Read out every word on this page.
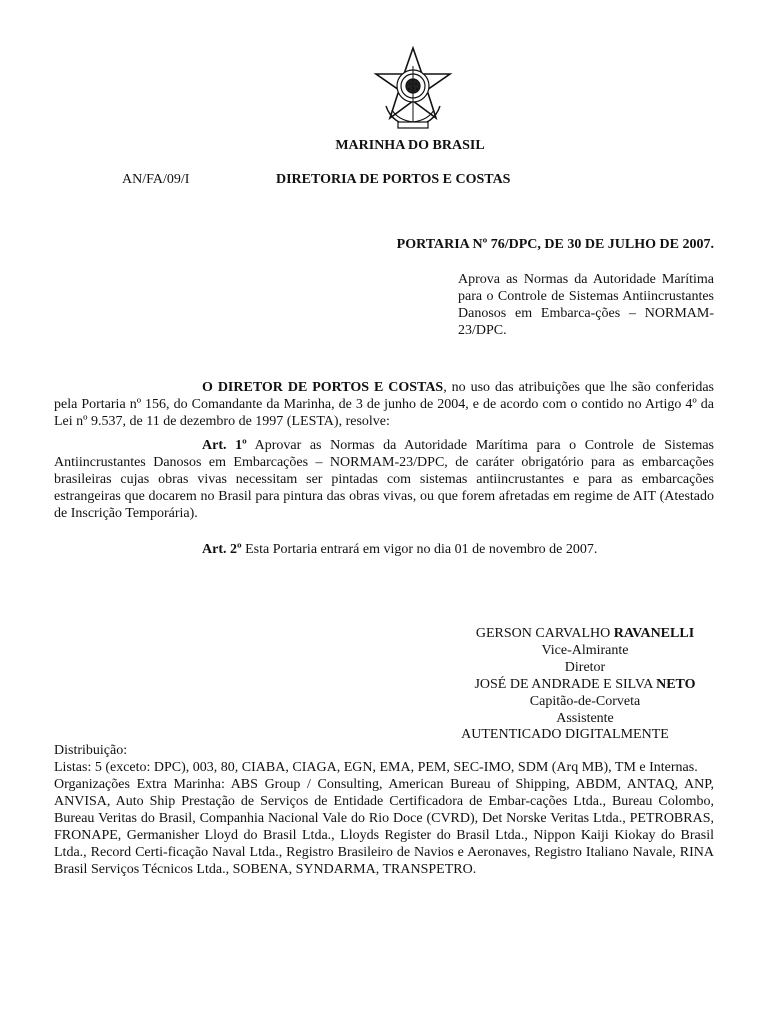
MARINHA DO BRASIL
AN/FA/09/I	DIRETORIA DE PORTOS E COSTAS
PORTARIA Nº 76/DPC, DE 30 DE JULHO DE 2007.
Aprova as Normas da Autoridade Marítima para o Controle de Sistemas Antiincrustantes Danosos em Embarca-ções – NORMAM-23/DPC.
O DIRETOR DE PORTOS E COSTAS, no uso das atribuições que lhe são conferidas pela Portaria nº 156, do Comandante da Marinha, de 3 de junho de 2004, e de acordo com o contido no Artigo 4º da Lei nº 9.537, de 11 de dezembro de 1997 (LESTA), resolve:
Art. 1º Aprovar as Normas da Autoridade Marítima para o Controle de Sistemas Antiincrustantes Danosos em Embarcações – NORMAM-23/DPC, de caráter obrigatório para as embarcações brasileiras cujas obras vivas necessitam ser pintadas com sistemas antiincrustantes e para as embarcações estrangeiras que docarem no Brasil para pintura das obras vivas, ou que forem afretadas em regime de AIT (Atestado de Inscrição Temporária).
Art. 2º Esta Portaria entrará em vigor no dia 01 de novembro de 2007.
GERSON CARVALHO RAVANELLI
Vice-Almirante
Diretor
JOSÉ DE ANDRADE E SILVA NETO
Capitão-de-Corveta
Assistente
AUTENTICADO DIGITALMENTE
Distribuição:
Listas: 5 (exceto: DPC), 003, 80, CIABA, CIAGA, EGN, EMA, PEM, SEC-IMO, SDM (Arq MB), TM e Internas.
Organizações Extra Marinha: ABS Group / Consulting, American Bureau of Shipping, ABDM, ANTAQ, ANP, ANVISA, Auto Ship Prestação de Serviços de Entidade Certificadora de Embar-cações Ltda., Bureau Colombo, Bureau Veritas do Brasil, Companhia Nacional Vale do Rio Doce (CVRD), Det Norske Veritas Ltda., PETROBRAS, FRONAPE, Germanisher Lloyd do Brasil Ltda., Lloyds Register do Brasil Ltda., Nippon Kaiji Kiokay do Brasil Ltda., Record Certi-ficação Naval Ltda., Registro Brasileiro de Navios e Aeronaves, Registro Italiano Navale, RINA Brasil Serviços Técnicos Ltda., SOBENA, SYNDARMA, TRANSPETRO.
